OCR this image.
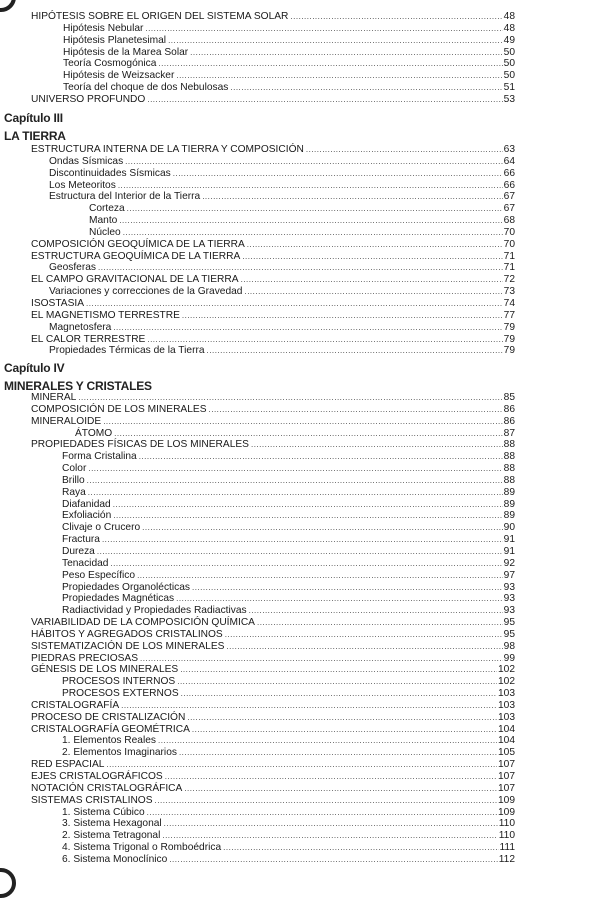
HIPÓTESIS SOBRE EL ORIGEN DEL SISTEMA SOLAR .....	48
Hipótesis Nebular .....	48
Hipótesis Planetesimal .....	49
Hipótesis de la Marea Solar .....	50
Teoría Cosmogónica .....	50
Hipótesis de Weizsacker .....	50
Teoría del choque de dos Nebulosas .....	51
UNIVERSO PROFUNDO .....	53
Capítulo III
LA TIERRA
ESTRUCTURA INTERNA DE LA TIERRA Y COMPOSICIÓN .....	63
Ondas Sísmicas .....	64
Discontinuidades Sísmicas .....	66
Los Meteoritos .....	66
Estructura del Interior de la Tierra .....	67
Corteza .....	67
Manto .....	68
Núcleo .....	70
COMPOSICIÓN GEOQUÍMICA DE LA TIERRA .....	70
ESTRUCTURA GEOQUÍMICA DE LA TIERRA .....	71
Geosferas .....	71
EL CAMPO GRAVITACIONAL DE LA TIERRA .....	72
Variaciones y correcciones de la Gravedad .....	73
ISOSTASIA .....	74
EL MAGNETISMO TERRESTRE .....	77
Magnetosfera .....	79
EL CALOR TERRESTRE .....	79
Propiedades Térmicas de la Tierra .....	79
Capítulo IV
MINERALES Y CRISTALES
MINERAL .....	85
COMPOSICIÓN DE LOS MINERALES .....	86
MINERALOIDE .....	86
ÁTOMO .....	87
PROPIEDADES FÍSICAS DE LOS MINERALES .....	88
Forma Cristalina .....	88
Color .....	88
Brillo .....	88
Raya .....	89
Diafanidad .....	89
Exfoliación .....	89
Clivaje o Crucero .....	90
Fractura .....	91
Dureza .....	91
Tenacidad .....	92
Peso Específico .....	97
Propiedades Organolécticas .....	93
Propiedades Magnéticas .....	93
Radiactividad y Propiedades Radiactivas .....	93
VARIABILIDAD DE LA COMPOSICIÓN QUÍMICA .....	95
HÁBITOS Y AGREGADOS CRISTALINOS .....	95
SISTEMATIZACIÓN DE LOS MINERALES .....	98
PIEDRAS PRECIOSAS .....	99
GÉNESIS DE LOS MINERALES .....	102
PROCESOS INTERNOS .....	102
PROCESOS EXTERNOS .....	103
CRISTALOGRAFÍA .....	103
PROCESO DE CRISTALIZACIÓN .....	103
CRISTALOGRAFÍA GEOMÉTRICA .....	104
1. Elementos Reales .....	104
2. Elementos Imaginarios .....	105
RED ESPACIAL .....	107
EJES CRISTALOGRÁFICOS .....	107
NOTACIÓN CRISTALOGRÁFICA .....	107
SISTEMAS CRISTALINOS .....	109
1. Sistema Cúbico .....	109
3. Sistema Hexagonal .....	110
2. Sistema Tetragonal .....	110
4. Sistema Trigonal o Romboédrica .....	111
6. Sistema Monoclínico .....	112
